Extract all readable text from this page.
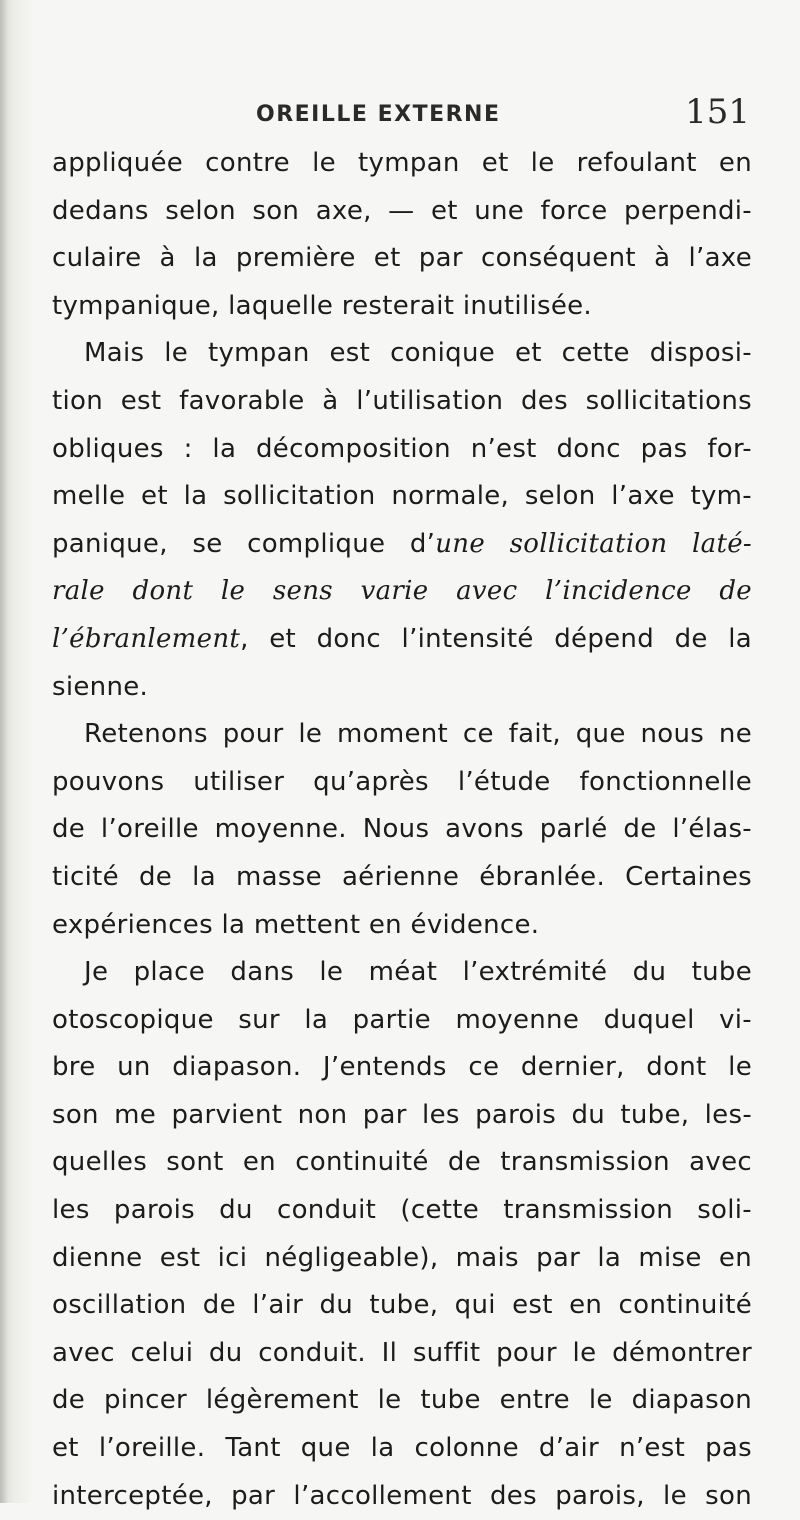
OREILLE EXTERNE	151
appliquée contre le tympan et le refoulant en
dedans selon son axe, — et une force perpendi-
culaire à la première et par conséquent à l’axe
tympanique, laquelle resterait inutilisée.
Mais le tympan est conique et cette disposi-
tion est favorable à l’utilisation des sollicitations
obliques : la décomposition n’est donc pas for-
melle et la sollicitation normale, selon l’axe tym-
panique, se complique d’une sollicitation laté-
rale dont le sens varie avec l’incidence de
l’ébranlement, et donc l’intensité dépend de la
sienne.
Retenons pour le moment ce fait, que nous ne
pouvons utiliser qu’après l’étude fonctionnelle
de l’oreille moyenne. Nous avons parlé de l’élas-
ticité de la masse aérienne ébranlée. Certaines
expériences la mettent en évidence.
Je place dans le méat l’extrémité du tube
otoscopique sur la partie moyenne duquel vi-
bre un diapason. J’entends ce dernier, dont le
son me parvient non par les parois du tube, les-
quelles sont en continuité de transmission avec
les parois du conduit (cette transmission soli-
dienne est ici négligeable), mais par la mise en
oscillation de l’air du tube, qui est en continuité
avec celui du conduit. Il suffit pour le démontrer
de pincer légèrement le tube entre le diapason
et l’oreille. Tant que la colonne d’air n’est pas
interceptée, par l’accollement des parois, le son
